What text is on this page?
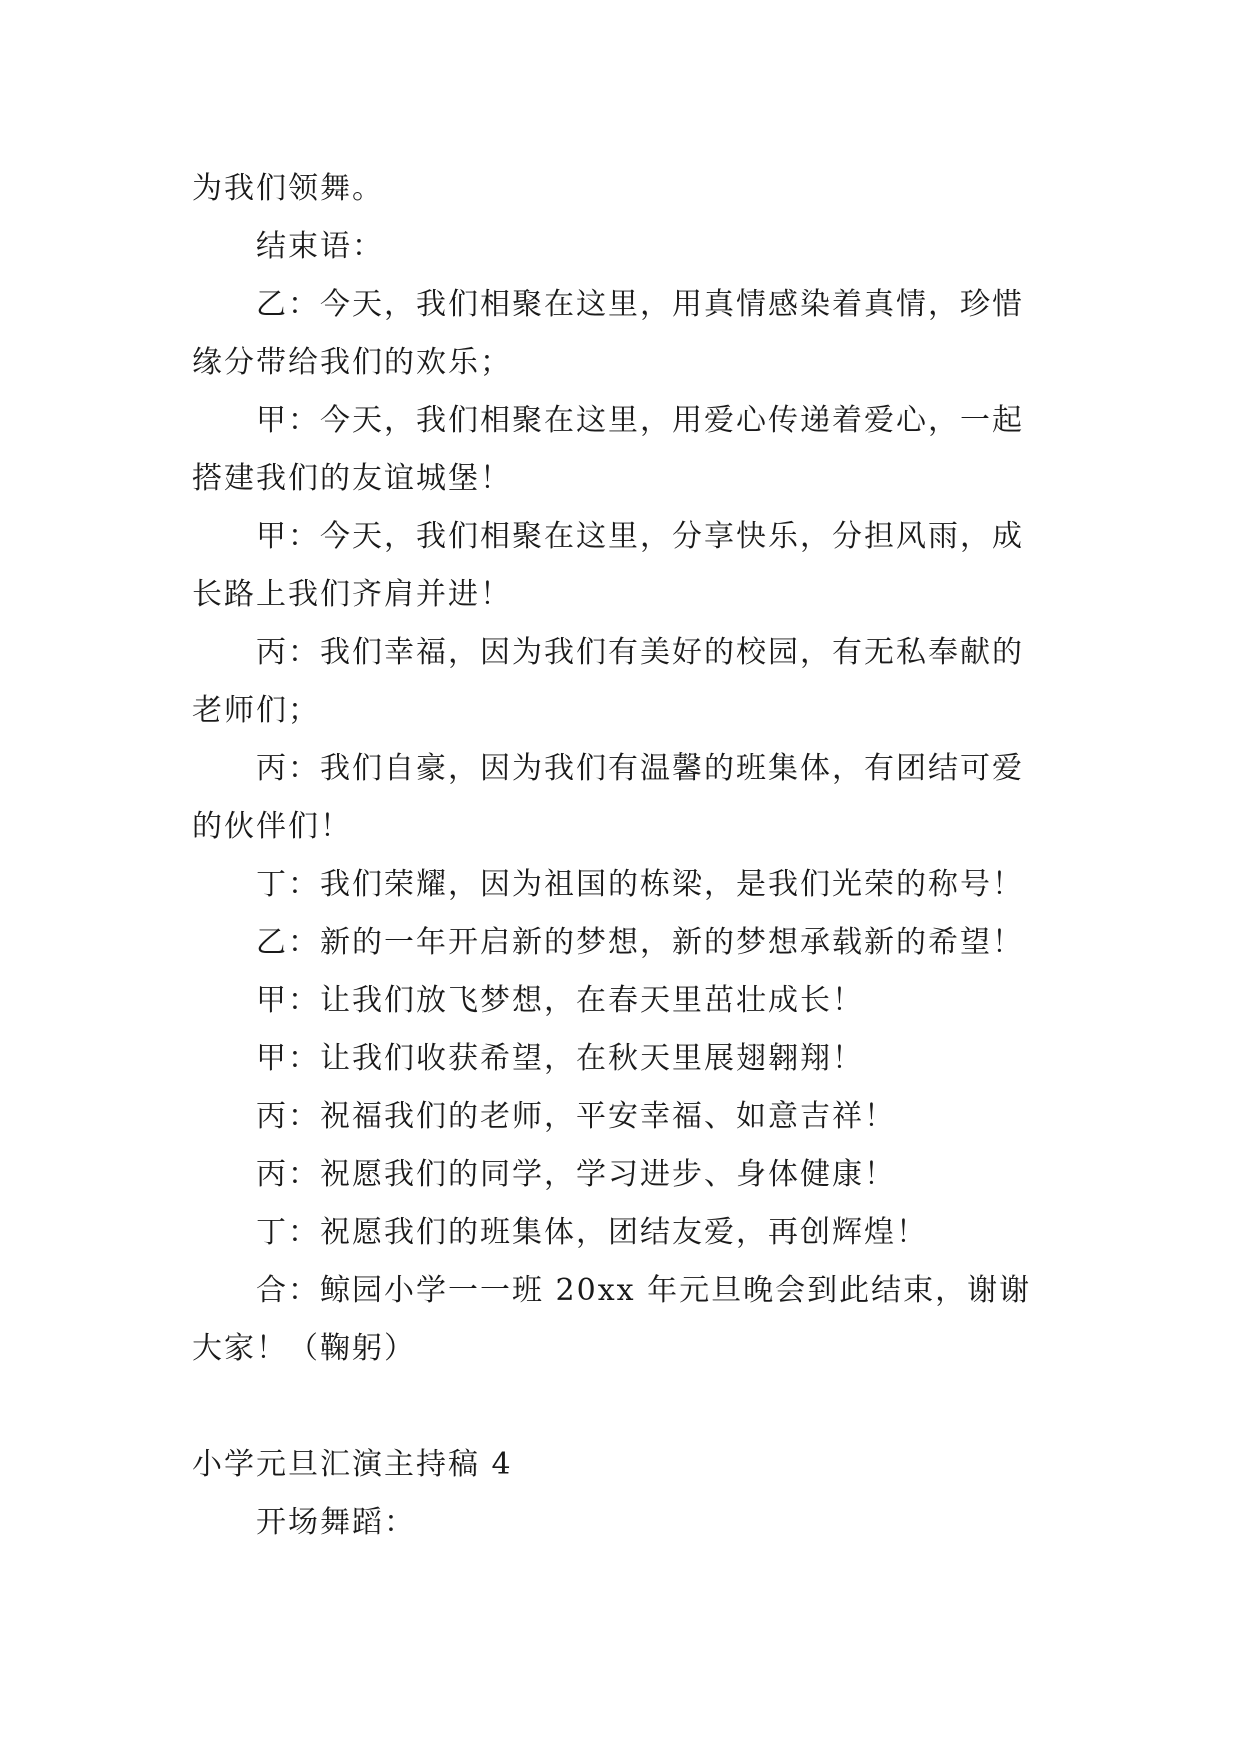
为我们领舞。
结束语：
乙：今天，我们相聚在这里，用真情感染着真情，珍惜
缘分带给我们的欢乐；
甲：今天，我们相聚在这里，用爱心传递着爱心，一起
搭建我们的友谊城堡！
甲：今天，我们相聚在这里，分享快乐，分担风雨，成
长路上我们齐肩并进！
丙：我们幸福，因为我们有美好的校园，有无私奉献的
老师们；
丙：我们自豪，因为我们有温馨的班集体，有团结可爱
的伙伴们！
丁：我们荣耀，因为祖国的栋梁，是我们光荣的称号！
乙：新的一年开启新的梦想，新的梦想承载新的希望！
甲：让我们放飞梦想，在春天里茁壮成长！
甲：让我们收获希望，在秋天里展翅翱翔！
丙：祝福我们的老师，平安幸福、如意吉祥！
丙：祝愿我们的同学，学习进步、身体健康！
丁：祝愿我们的班集体，团结友爱，再创辉煌！
合：鲸园小学一一班 20xx 年元旦晚会到此结束，谢谢
大家！（鞠躬）
小学元旦汇演主持稿 4
开场舞蹈：
